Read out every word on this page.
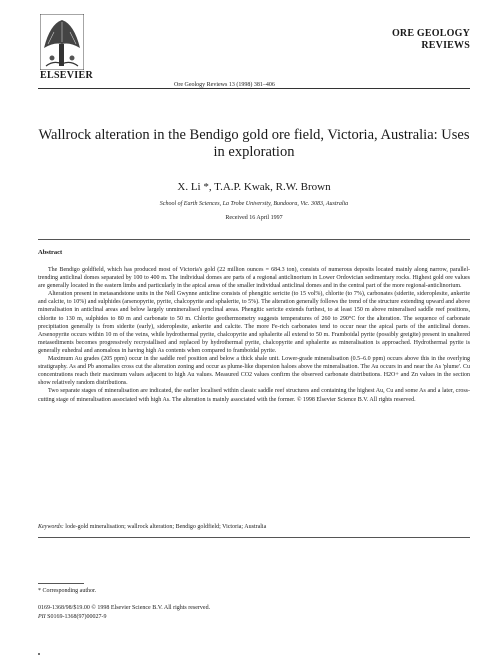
ELSEVIER
Ore Geology Reviews 13 (1998) 381–406
ORE GEOLOGY
REVIEWS
Wallrock alteration in the Bendigo gold ore field, Victoria, Australia: Uses in exploration
X. Li *, T.A.P. Kwak, R.W. Brown
School of Earth Sciences, La Trobe University, Bundoora, Vic. 3083, Australia
Received 16 April 1997
Abstract

The Bendigo goldfield, which has produced most of Victoria's gold (22 million ounces = 684.3 ton), consists of numerous deposits located mainly along narrow, parallel-trending anticlinal domes separated by 100 to 400 m. The individual domes are parts of a regional anticlinorium in Lower Ordovician sedimentary rocks. Highest gold ore values are generally located in the eastern limbs and particularly in the apical areas of the smaller individual anticlinal domes and in the central part of the more regional-anticlinorium.

Alteration present in metasandstone units in the Nell Gwynne anticline consists of phengitic sericite (to 15 vol%), chlorite (to 7%), carbonates (siderite, sideroplesite, ankerite and calcite, to 10%) and sulphides (arsenopyrite, pyrite, chalcopyrite and sphalerite, to 5%). The alteration generally follows the trend of the structure extending upward and above mineralisation in anticlinal areas and below largely unmineralised synclinal areas. Phengitic sericite extends furthest, to at least 150 m above mineralised saddle reef positions, chlorite to 130 m, sulphides to 80 m and carbonate to 50 m. Chlorite geothermometry suggests temperatures of 260 to 290°C for the alteration. The sequence of carbonate precipitation generally is from siderite (early), sideroplesite, ankerite and calcite. The more Fe-rich carbonates tend to occur near the apical parts of the anticlinal domes. Arsenopyrite occurs within 10 m of the veins, while hydrothermal pyrite, chalcopyrite and sphalerite all extend to 50 m. Framboidal pyrite (possibly greigite) present in unaltered metasediments becomes progressively recrystallised and replaced by hydrothermal pyrite, chalcopyrite and sphalerite as mineralisation is approached. Hydrothermal pyrite is generally euhedral and anomalous in having high As contents when compared to framboidal pyrite.

Maximum Au grades (205 ppm) occur in the saddle reef position and below a thick shale unit. Lower-grade mineralisation (0.5–6.0 ppm) occurs above this in the overlying stratigraphy. As and Pb anomalies cross cut the alteration zoning and occur as plume-like dispersion haloes above the mineralisation. The Au occurs in and near the As 'plume'. Cu concentrations reach their maximum values adjacent to high Au values. Measured CO2 values confirm the observed carbonate distributions. H2O+ and Zn values in the section show relatively random distributions.

Two separate stages of mineralisation are indicated, the earlier localised within classic saddle reef structures and containing the highest Au, Cu and some As and a later, cross-cutting stage of mineralisation associated with high As. The alteration is mainly associated with the former. © 1998 Elsevier Science B.V. All rights reserved.

Keywords: lode-gold mineralisation; wallrock alteration; Bendigo goldfield; Victoria; Australia
* Corresponding author.
0169-1368/98/$19.00 © 1998 Elsevier Science B.V. All rights reserved.
PII S0169-1368(97)00027-9
